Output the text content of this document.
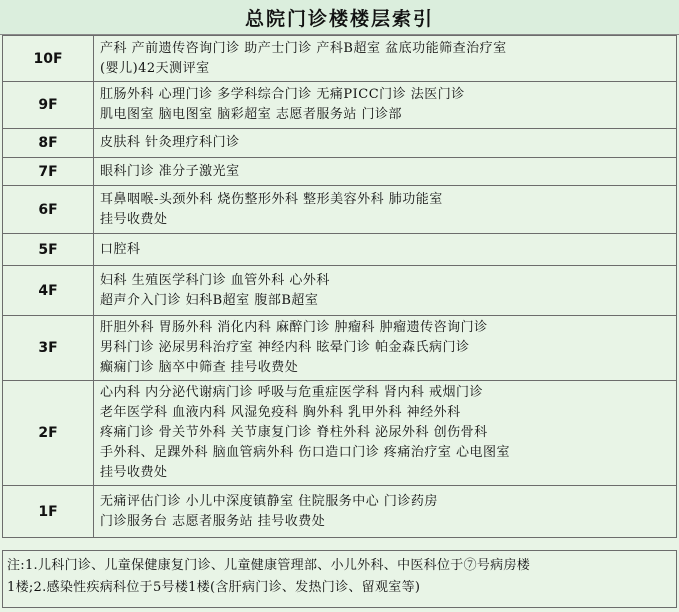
总院门诊楼楼层索引
10F	产科 产前遗传咨询门诊 助产士门诊 产科B超室 盆底功能筛查治疗室
(婴儿)42天测评室

9F	肛肠外科 心理门诊 多学科综合门诊 无痛PICC门诊 法医门诊
肌电图室 脑电图室 脑彩超室 志愿者服务站 门诊部

8F	皮肤科 针灸理疗科门诊

7F	眼科门诊 准分子激光室

6F	耳鼻咽喉-头颈外科 烧伤整形外科 整形美容外科 肺功能室
挂号收费处

5F	口腔科

4F	妇科 生殖医学科门诊 血管外科 心外科
超声介入门诊 妇科B超室 腹部B超室

3F	肝胆外科 胃肠外科 消化内科 麻醉门诊 肿瘤科 肿瘤遗传咨询门诊
男科门诊 泌尿男科治疗室 神经内科 眩晕门诊 帕金森氏病门诊
癫痫门诊 脑卒中筛查 挂号收费处

2F	心内科 内分泌代谢病门诊 呼吸与危重症医学科 肾内科 戒烟门诊
老年医学科 血液内科 风湿免疫科 胸外科 乳甲外科 神经外科
疼痛门诊 骨关节外科 关节康复门诊 脊柱外科 泌尿外科 创伤骨科
手外科、足踝外科 脑血管病外科 伤口造口门诊 疼痛治疗室 心电图室
挂号收费处

1F	无痛评估门诊 小儿中深度镇静室 住院服务中心 门诊药房
门诊服务台 志愿者服务站 挂号收费处
注:1.儿科门诊、儿童保健康复门诊、儿童健康管理部、小儿外科、中医科位于⑦号病房楼
1楼;2.感染性疾病科位于5号楼1楼(含肝病门诊、发热门诊、留观室等)
